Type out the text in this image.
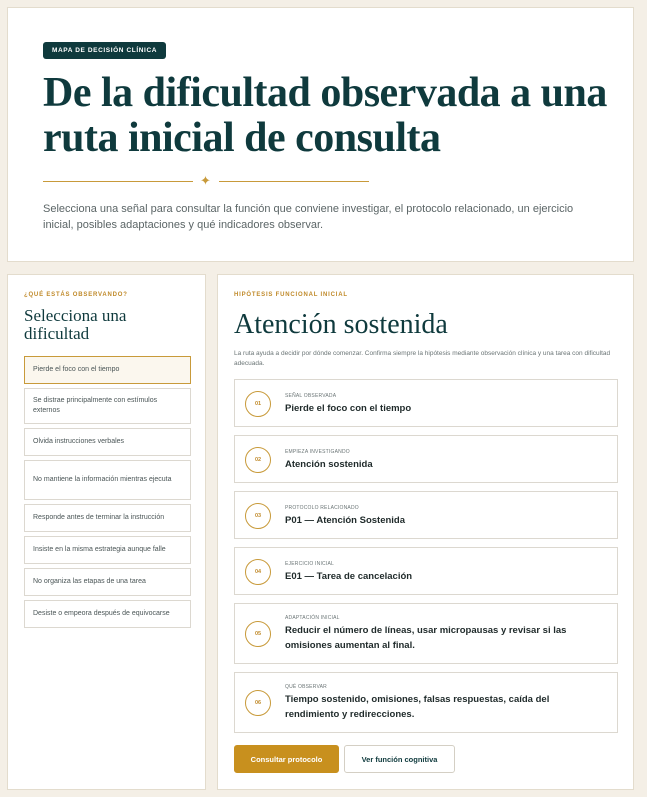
MAPA DE DECISIÓN CLÍNICA
De la dificultad observada a una ruta inicial de consulta
✦

Selecciona una señal para consultar la función que conviene investigar, el protocolo relacionado, un ejercicio inicial, posibles adaptaciones y qué indicadores observar.

¿QUÉ ESTÁS OBSERVANDO?
Selecciona una dificultad
Pierde el foco con el tiempo
Se distrae principalmente con estímulos externos
Olvida instrucciones verbales
No mantiene la información mientras ejecuta
Responde antes de terminar la instrucción
Insiste en la misma estrategia aunque falle
No organiza las etapas de una tarea
Desiste o empeora después de equivocarse
HIPÓTESIS FUNCIONAL INICIAL
Atención sostenida

La ruta ayuda a decidir por dónde comenzar. Confirma siempre la hipótesis mediante observación clínica y una tarea con dificultad adecuada.

01
SEÑAL OBSERVADA
Pierde el foco con el tiempo
02
EMPIEZA INVESTIGANDO
Atención sostenida
03
PROTOCOLO RELACIONADO
P01 — Atención Sostenida
04
EJERCICIO INICIAL
E01 — Tarea de cancelación
05
ADAPTACIÓN INICIAL
Reducir el número de líneas, usar micropausas y revisar si las omisiones aumentan al final.
06
QUÉ OBSERVAR
Tiempo sostenido, omisiones, falsas respuestas, caída del rendimiento y redirecciones.
Consultar protocolo	Ver función cognitiva
